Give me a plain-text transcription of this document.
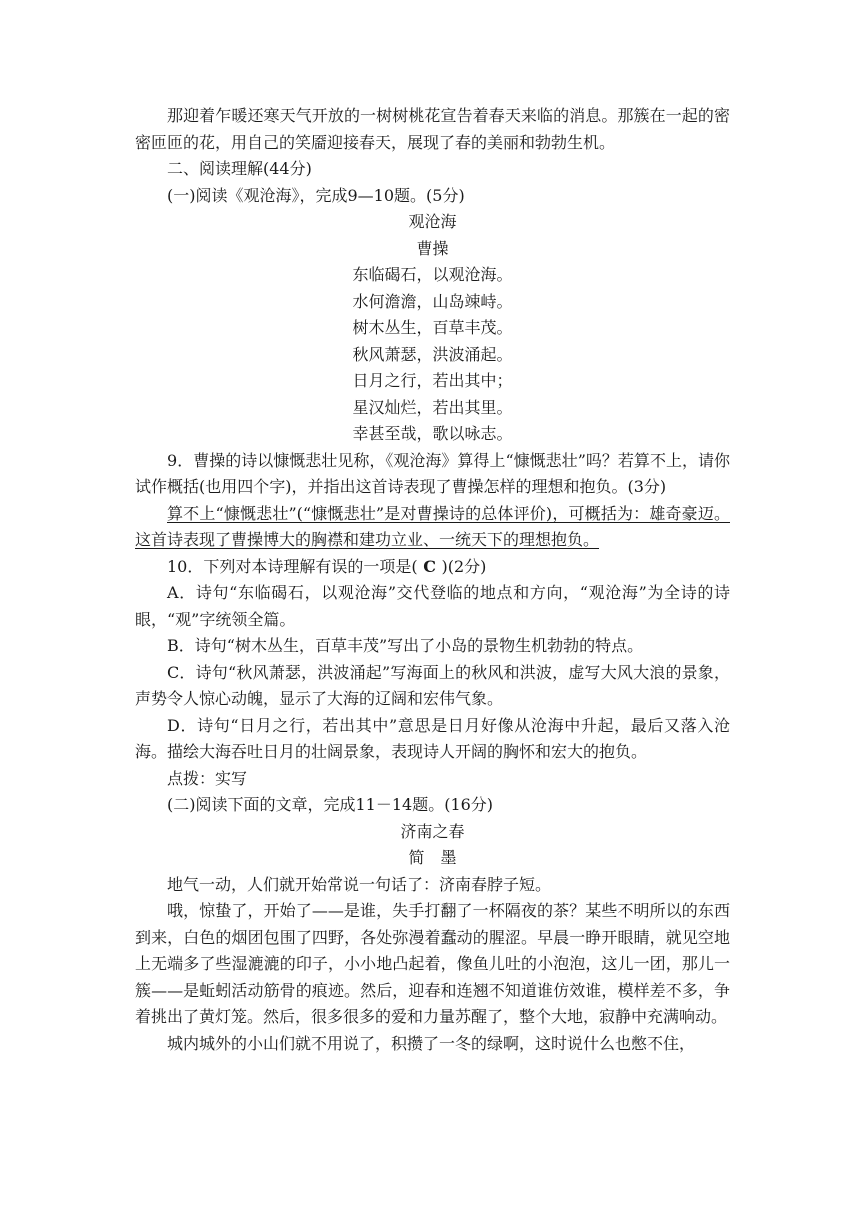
那迎着乍暖还寒天气开放的一树树桃花宣告着春天来临的消息。那簇在一起的密密匝匝的花，用自己的笑靥迎接春天，展现了春的美丽和勃勃生机。

二、阅读理解(44分)

(一)阅读《观沧海》，完成9—10题。(5分)

观沧海

曹操

东临碣石，以观沧海。

水何澹澹，山岛竦峙。

树木丛生，百草丰茂。

秋风萧瑟，洪波涌起。

日月之行，若出其中；

星汉灿烂，若出其里。

幸甚至哉，歌以咏志。

9．曹操的诗以慷慨悲壮见称，《观沧海》算得上“慷慨悲壮”吗？若算不上，请你试作概括(也用四个字)，并指出这首诗表现了曹操怎样的理想和抱负。(3分)

算不上“慷慨悲壮”(“慷慨悲壮”是对曹操诗的总体评价)，可概括为：雄奇豪迈。这首诗表现了曹操博大的胸襟和建功立业、一统天下的理想抱负。

10．下列对本诗理解有误的一项是( C )(2分)

A．诗句“东临碣石，以观沧海”交代登临的地点和方向，“观沧海”为全诗的诗眼，“观”字统领全篇。

B．诗句“树木丛生，百草丰茂”写出了小岛的景物生机勃勃的特点。

C．诗句“秋风萧瑟，洪波涌起”写海面上的秋风和洪波，虚写大风大浪的景象，声势令人惊心动魄，显示了大海的辽阔和宏伟气象。

D．诗句“日月之行，若出其中”意思是日月好像从沧海中升起，最后又落入沧海。描绘大海吞吐日月的壮阔景象，表现诗人开阔的胸怀和宏大的抱负。

点拨：实写

(二)阅读下面的文章，完成11－14题。(16分)

济南之春

简　墨

地气一动，人们就开始常说一句话了：济南春脖子短。

哦，惊蛰了，开始了——是谁，失手打翻了一杯隔夜的茶？某些不明所以的东西到来，白色的烟团包围了四野，各处弥漫着蠢动的腥涩。早晨一睁开眼睛，就见空地上无端多了些湿漉漉的印子，小小地凸起着，像鱼儿吐的小泡泡，这儿一团，那儿一簇——是蚯蚓活动筋骨的痕迹。然后，迎春和连翘不知道谁仿效谁，模样差不多，争着挑出了黄灯笼。然后，很多很多的爱和力量苏醒了，整个大地，寂静中充满响动。

城内城外的小山们就不用说了，积攒了一冬的绿啊，这时说什么也憋不住，
